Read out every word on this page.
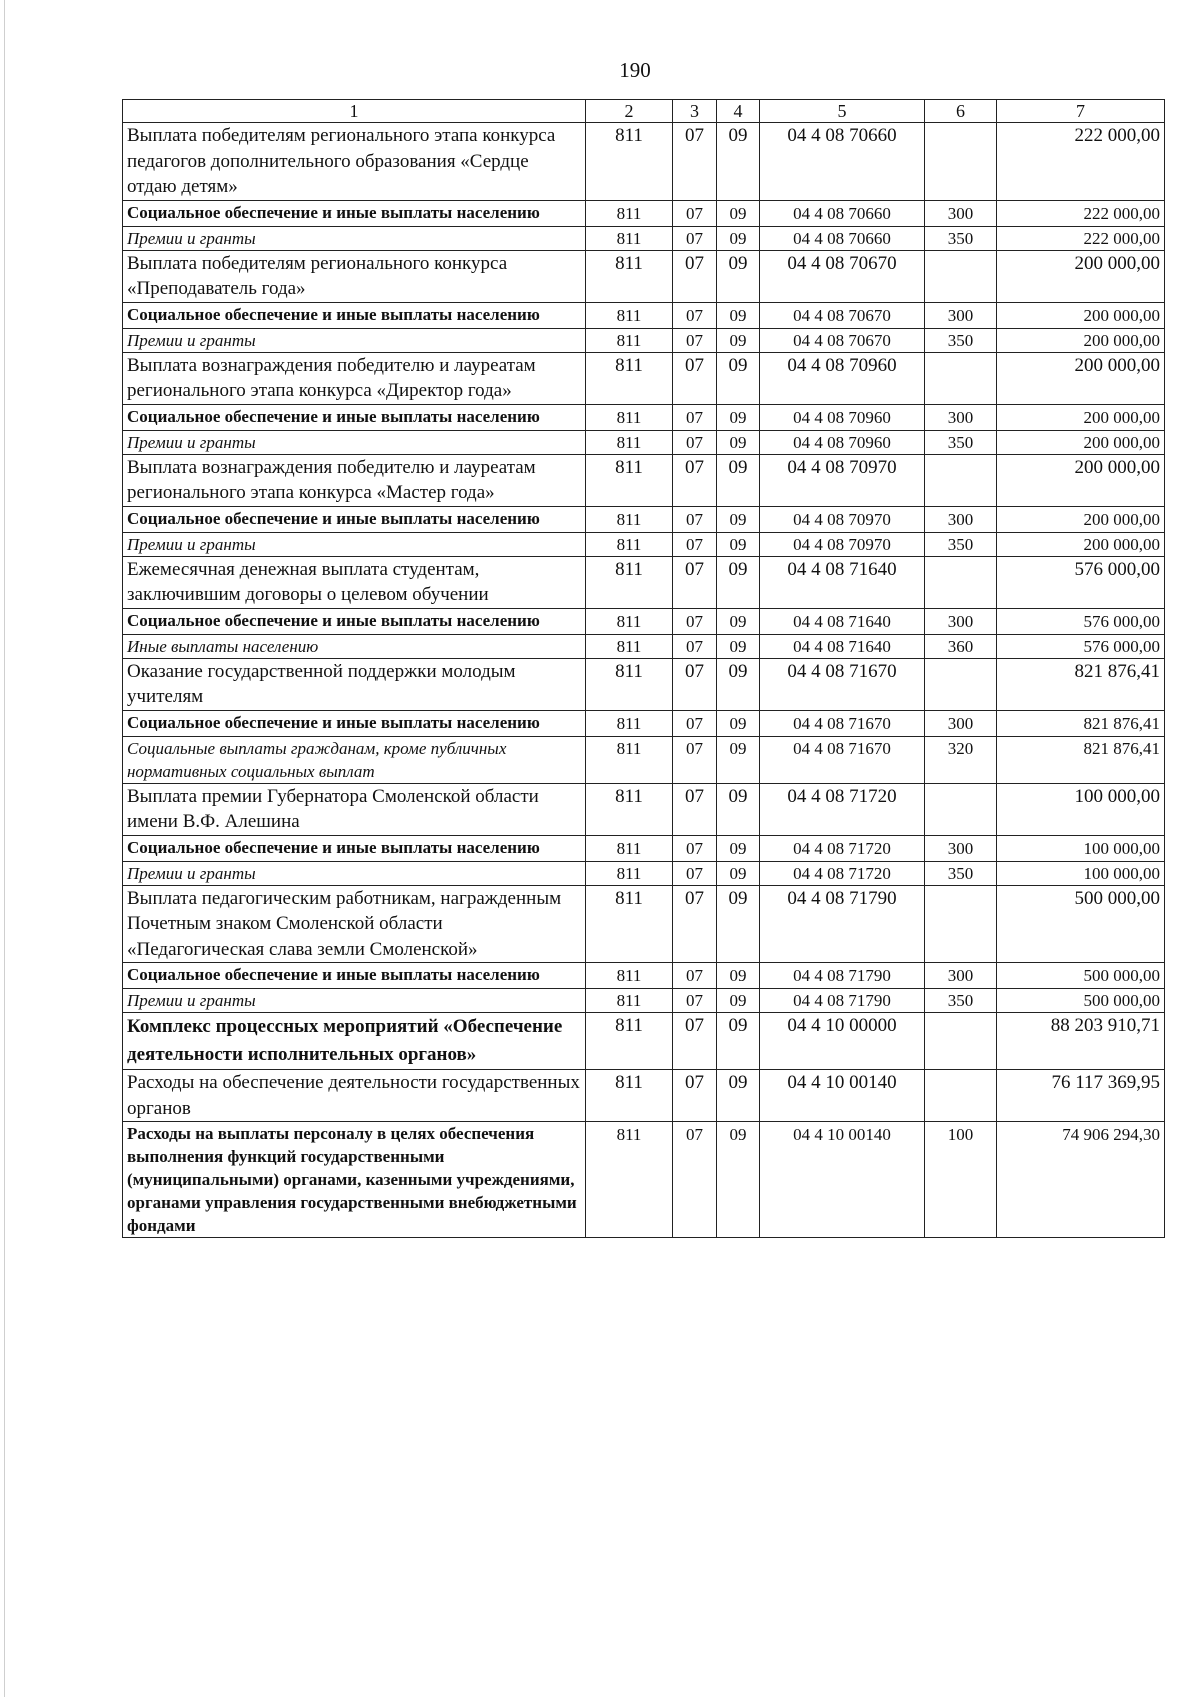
190
1	2	3	4	5	6	7
Выплата победителям регионального этапа конкурса педагогов дополнительного образования «Сердце отдаю детям»	811	07	09	04 4 08 70660		222 000,00
Социальное обеспечение и иные выплаты населению	811	07	09	04 4 08 70660	300	222 000,00
Премии и гранты	811	07	09	04 4 08 70660	350	222 000,00
Выплата победителям регионального конкурса «Преподаватель года»	811	07	09	04 4 08 70670		200 000,00
Социальное обеспечение и иные выплаты населению	811	07	09	04 4 08 70670	300	200 000,00
Премии и гранты	811	07	09	04 4 08 70670	350	200 000,00
Выплата вознаграждения победителю и лауреатам регионального этапа конкурса «Директор года»	811	07	09	04 4 08 70960		200 000,00
Социальное обеспечение и иные выплаты населению	811	07	09	04 4 08 70960	300	200 000,00
Премии и гранты	811	07	09	04 4 08 70960	350	200 000,00
Выплата вознаграждения победителю и лауреатам регионального этапа конкурса «Мастер года»	811	07	09	04 4 08 70970		200 000,00
Социальное обеспечение и иные выплаты населению	811	07	09	04 4 08 70970	300	200 000,00
Премии и гранты	811	07	09	04 4 08 70970	350	200 000,00
Ежемесячная денежная выплата студентам, заключившим договоры о целевом обучении	811	07	09	04 4 08 71640		576 000,00
Социальное обеспечение и иные выплаты населению	811	07	09	04 4 08 71640	300	576 000,00
Иные выплаты населению	811	07	09	04 4 08 71640	360	576 000,00
Оказание государственной поддержки молодым учителям	811	07	09	04 4 08 71670		821 876,41
Социальное обеспечение и иные выплаты населению	811	07	09	04 4 08 71670	300	821 876,41
Социальные выплаты гражданам, кроме публичных нормативных социальных выплат	811	07	09	04 4 08 71670	320	821 876,41
Выплата премии Губернатора Смоленской области имени В.Ф. Алешина	811	07	09	04 4 08 71720		100 000,00
Социальное обеспечение и иные выплаты населению	811	07	09	04 4 08 71720	300	100 000,00
Премии и гранты	811	07	09	04 4 08 71720	350	100 000,00
Выплата педагогическим работникам, награжденным Почетным знаком Смоленской области «Педагогическая слава земли Смоленской»	811	07	09	04 4 08 71790		500 000,00
Социальное обеспечение и иные выплаты населению	811	07	09	04 4 08 71790	300	500 000,00
Премии и гранты	811	07	09	04 4 08 71790	350	500 000,00
Комплекс процессных мероприятий «Обеспечение деятельности исполнительных органов»	811	07	09	04 4 10 00000		88 203 910,71
Расходы на обеспечение деятельности государственных органов	811	07	09	04 4 10 00140		76 117 369,95
Расходы на выплаты персоналу в целях обеспечения выполнения функций государственными (муниципальными) органами, казенными учреждениями, органами управления государственными внебюджетными фондами	811	07	09	04 4 10 00140	100	74 906 294,30
